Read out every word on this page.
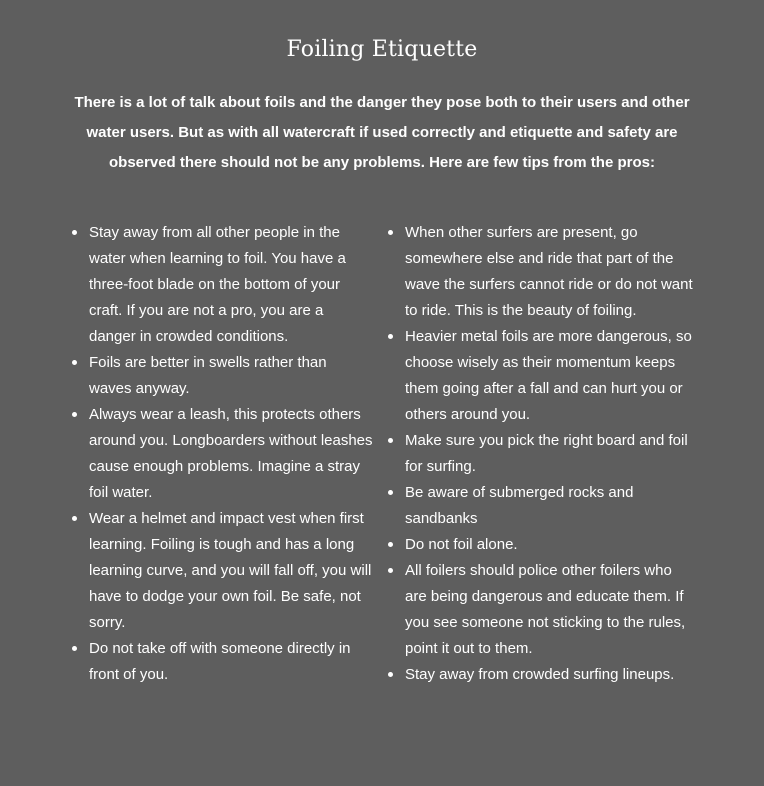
Foiling Etiquette

There is a lot of talk about foils and the danger they pose both to their users and other water users. But as with all watercraft if used correctly and etiquette and safety are observed there should not be any problems. Here are few tips from the pros:

Stay away from all other people in the water when learning to foil. You have a three-foot blade on the bottom of your craft. If you are not a pro, you are a danger in crowded conditions.
Foils are better in swells rather than waves anyway.
Always wear a leash, this protects others around you. Longboarders without leashes cause enough problems. Imagine a stray foil water.
Wear a helmet and impact vest when first learning. Foiling is tough and has a long learning curve, and you will fall off, you will have to dodge your own foil. Be safe, not sorry.
Do not take off with someone directly in front of you.
When other surfers are present, go somewhere else and ride that part of the wave the surfers cannot ride or do not want to ride. This is the beauty of foiling.
Heavier metal foils are more dangerous, so choose wisely as their momentum keeps them going after a fall and can hurt you or others around you.
Make sure you pick the right board and foil for surfing.
Be aware of submerged rocks and sandbanks
Do not foil alone.
All foilers should police other foilers who are being dangerous and educate them. If you see someone not sticking to the rules, point it out to them.
Stay away from crowded surfing lineups.
